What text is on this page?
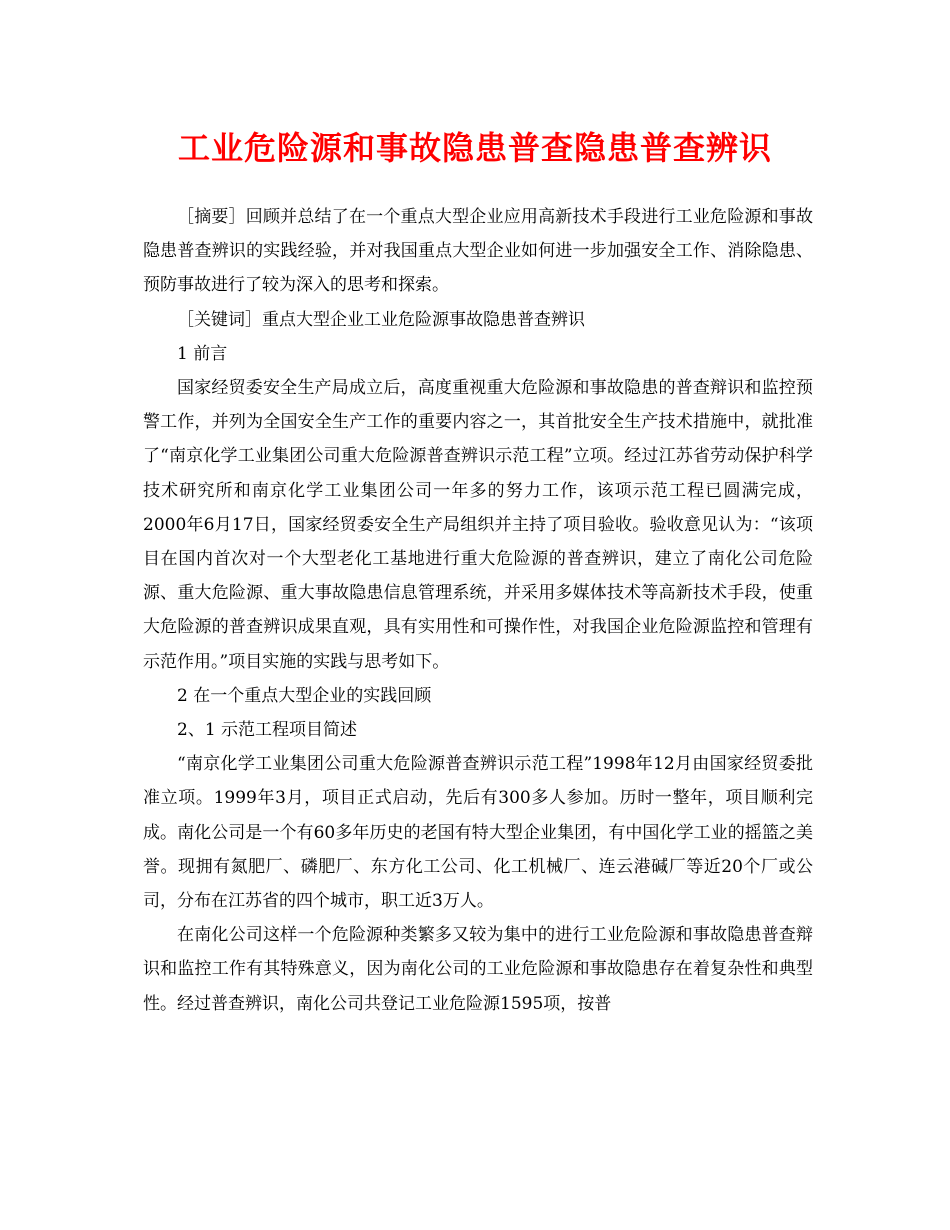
工业危险源和事故隐患普查隐患普查辨识

［摘要］回顾并总结了在一个重点大型企业应用高新技术手段进行工业危险源和事故隐患普查辨识的实践经验，并对我国重点大型企业如何进一步加强安全工作、消除隐患、预防事故进行了较为深入的思考和探索。

［关键词］重点大型企业工业危险源事故隐患普查辨识

1 前言

国家经贸委安全生产局成立后，高度重视重大危险源和事故隐患的普查辩识和监控预警工作，并列为全国安全生产工作的重要内容之一，其首批安全生产技术措施中，就批准了“南京化学工业集团公司重大危险源普查辨识示范工程”立项。经过江苏省劳动保护科学技术研究所和南京化学工业集团公司一年多的努力工作，该项示范工程已圆满完成，2000年6月17日，国家经贸委安全生产局组织并主持了项目验收。验收意见认为：“该项目在国内首次对一个大型老化工基地进行重大危险源的普查辨识，建立了南化公司危险源、重大危险源、重大事故隐患信息管理系统，并采用多媒体技术等高新技术手段，使重大危险源的普查辨识成果直观，具有实用性和可操作性，对我国企业危险源监控和管理有示范作用。”项目实施的实践与思考如下。

2 在一个重点大型企业的实践回顾

2、1 示范工程项目简述

“南京化学工业集团公司重大危险源普查辨识示范工程”1998年12月由国家经贸委批准立项。1999年3月，项目正式启动，先后有300多人参加。历时一整年，项目顺利完成。南化公司是一个有60多年历史的老国有特大型企业集团，有中国化学工业的摇篮之美誉。现拥有氮肥厂、磷肥厂、东方化工公司、化工机械厂、连云港碱厂等近20个厂或公司，分布在江苏省的四个城市，职工近3万人。

在南化公司这样一个危险源种类繁多又较为集中的进行工业危险源和事故隐患普查辩识和监控工作有其特殊意义，因为南化公司的工业危险源和事故隐患存在着复杂性和典型性。经过普查辨识，南化公司共登记工业危险源1595项，按普
